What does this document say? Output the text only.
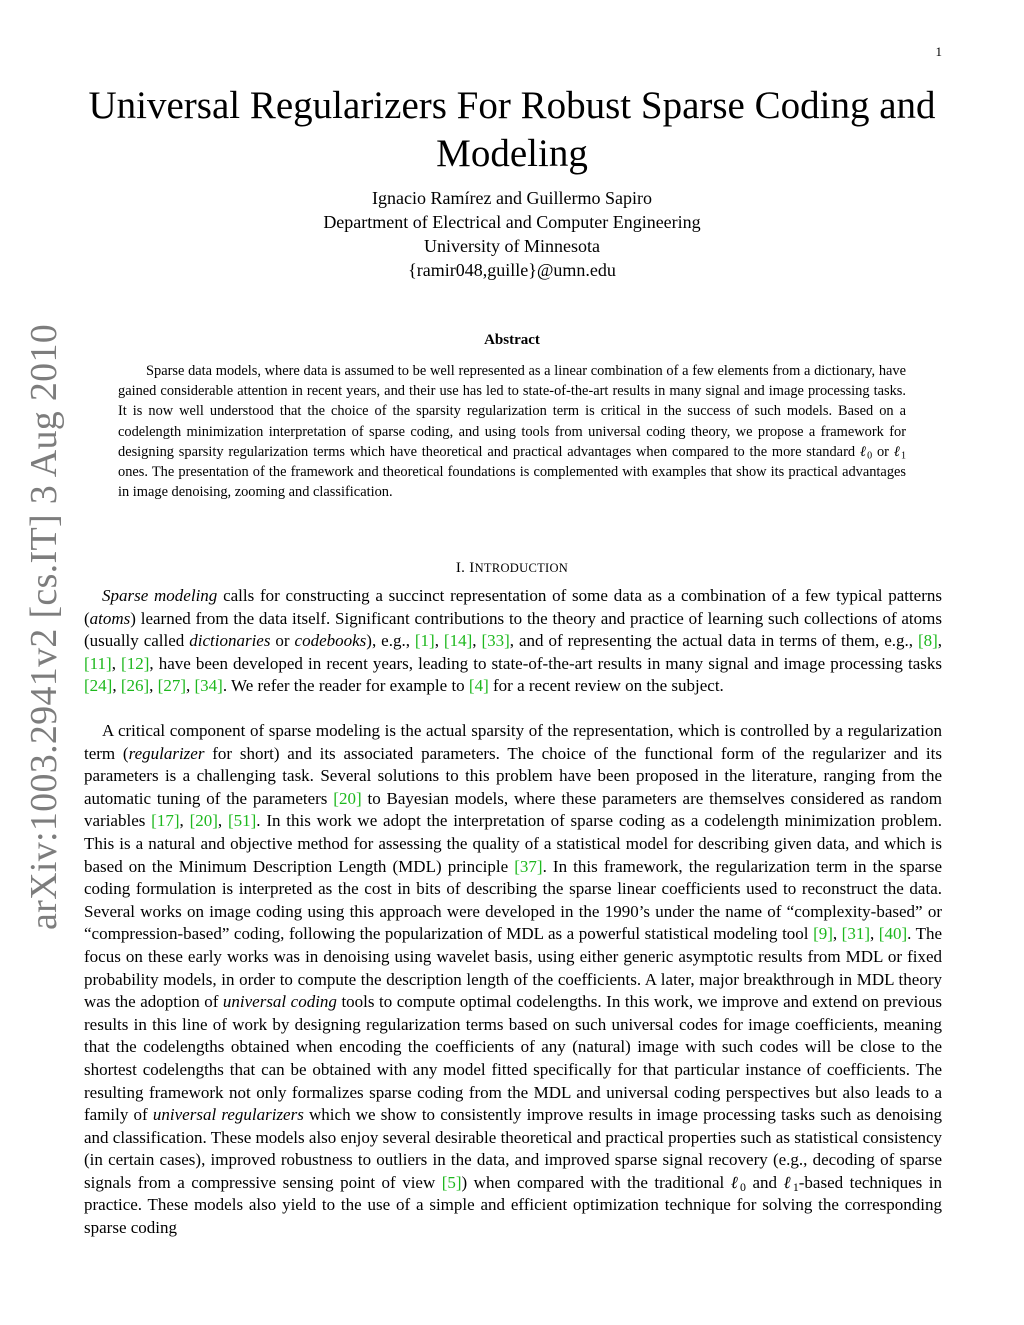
1
arXiv:1003.2941v2 [cs.IT] 3 Aug 2010
Universal Regularizers For Robust Sparse Coding and Modeling
Ignacio Ramírez and Guillermo Sapiro
Department of Electrical and Computer Engineering
University of Minnesota
{ramir048,guille}@umn.edu
Abstract

Sparse data models, where data is assumed to be well represented as a linear combination of a few elements from a dictionary, have gained considerable attention in recent years, and their use has led to state-of-the-art results in many signal and image processing tasks. It is now well understood that the choice of the sparsity regularization term is critical in the success of such models. Based on a codelength minimization interpretation of sparse coding, and using tools from universal coding theory, we propose a framework for designing sparsity regularization terms which have theoretical and practical advantages when compared to the more standard ℓ$_0$ or ℓ$_1$ ones. The presentation of the framework and theoretical foundations is complemented with examples that show its practical advantages in image denoising, zooming and classification.

I. INTRODUCTION

Sparse modeling calls for constructing a succinct representation of some data as a combination of a few typical patterns (atoms) learned from the data itself. Significant contributions to the theory and practice of learning such collections of atoms (usually called dictionaries or codebooks), e.g., [1], [14], [33], and of representing the actual data in terms of them, e.g., [8], [11], [12], have been developed in recent years, leading to state-of-the-art results in many signal and image processing tasks [24], [26], [27], [34]. We refer the reader for example to [4] for a recent review on the subject.

A critical component of sparse modeling is the actual sparsity of the representation, which is controlled by a regularization term (regularizer for short) and its associated parameters. The choice of the functional form of the regularizer and its parameters is a challenging task. Several solutions to this problem have been proposed in the literature, ranging from the automatic tuning of the parameters [20] to Bayesian models, where these parameters are themselves considered as random variables [17], [20], [51]. In this work we adopt the interpretation of sparse coding as a codelength minimization problem. This is a natural and objective method for assessing the quality of a statistical model for describing given data, and which is based on the Minimum Description Length (MDL) principle [37]. In this framework, the regularization term in the sparse coding formulation is interpreted as the cost in bits of describing the sparse linear coefficients used to reconstruct the data. Several works on image coding using this approach were developed in the 1990’s under the name of “complexity-based” or “compression-based” coding, following the popularization of MDL as a powerful statistical modeling tool [9], [31], [40]. The focus on these early works was in denoising using wavelet basis, using either generic asymptotic results from MDL or fixed probability models, in order to compute the description length of the coefficients. A later, major breakthrough in MDL theory was the adoption of universal coding tools to compute optimal codelengths. In this work, we improve and extend on previous results in this line of work by designing regularization terms based on such universal codes for image coefficients, meaning that the codelengths obtained when encoding the coefficients of any (natural) image with such codes will be close to the shortest codelengths that can be obtained with any model fitted specifically for that particular instance of coefficients. The resulting framework not only formalizes sparse coding from the MDL and universal coding perspectives but also leads to a family of universal regularizers which we show to consistently improve results in image processing tasks such as denoising and classification. These models also enjoy several desirable theoretical and practical properties such as statistical consistency (in certain cases), improved robustness to outliers in the data, and improved sparse signal recovery (e.g., decoding of sparse signals from a compressive sensing point of view [5]) when compared with the traditional ℓ$_0$ and ℓ$_1$-based techniques in practice. These models also yield to the use of a simple and efficient optimization technique for solving the corresponding sparse coding
